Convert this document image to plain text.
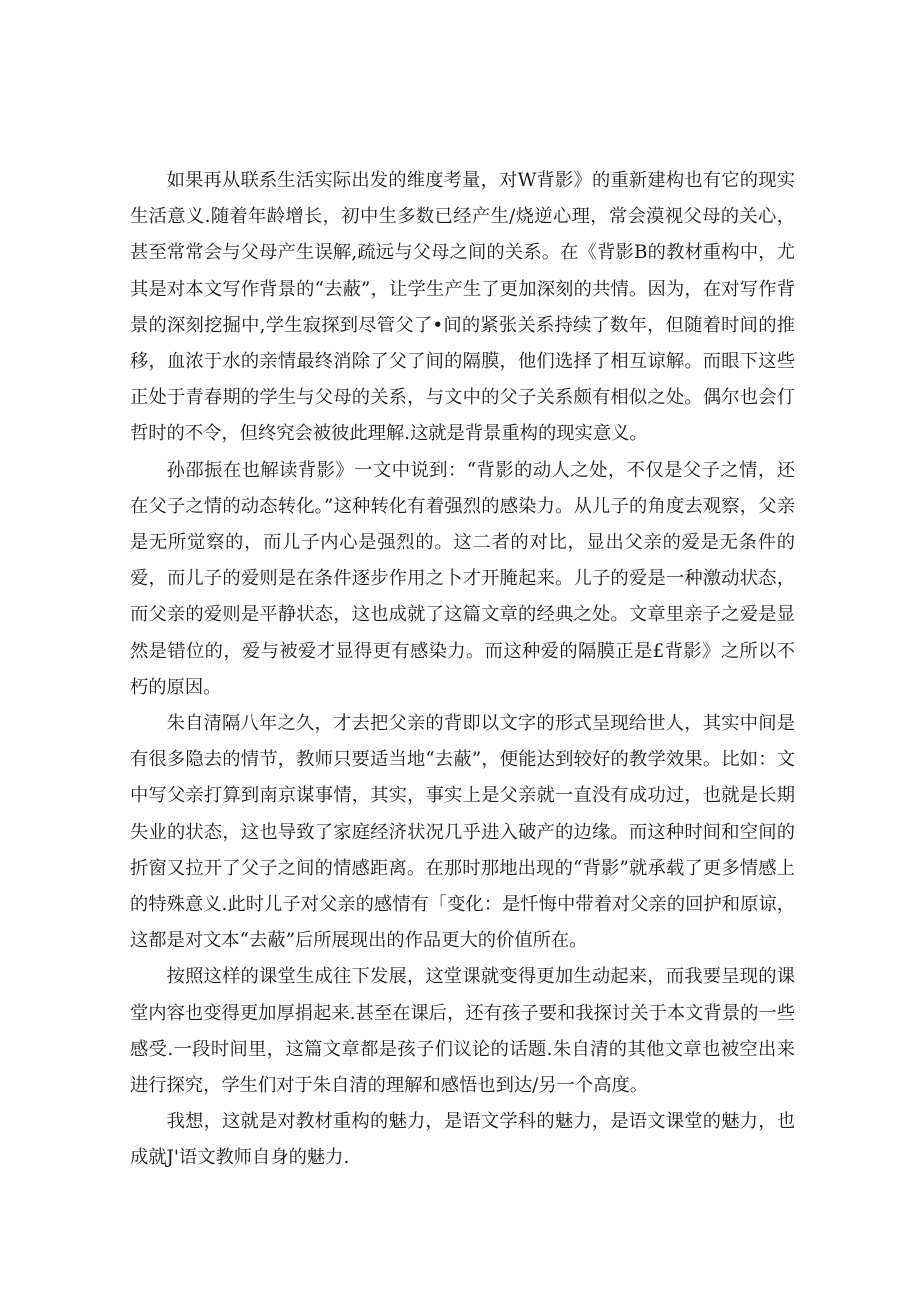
如果再从联系生活实际出发的维度考量，对W背影》的重新建构也有它的现实生活意义.随着年龄增长，初中生多数已经产生/烧逆心理，常会漠视父母的关心，甚至常常会与父母产生误解,疏远与父母之间的关系。在《背影B的教材重构中，尤其是对本文写作背景的“去蔽”，让学生产生了更加深刻的共情。因为，在对写作背景的深刻挖掘中,学生寂探到尽管父了•间的紧张关系持续了数年，但随着时间的推移，血浓于水的亲情最终消除了父了间的隔膜，他们选择了相互谅解。而眼下这些正处于青春期的学生与父母的关系，与文中的父子关系颇有相似之处。偶尔也会仃哲时的不令，但终究会被彼此理解.这就是背景重构的现实意义。

孙邵振在也解读背影》一文中说到：“背影的动人之处，不仅是父子之情，还在父子之情的动态转化。”这种转化有着强烈的感染力。从儿子的角度去观察，父亲是无所觉察的，而儿子内心是强烈的。这二者的对比，显出父亲的爱是无条件的爱，而儿子的爱则是在条件逐步作用之卜才开腌起来。儿子的爱是一种激动状态，而父亲的爱则是平静状态，这也成就了这篇文章的经典之处。文章里亲子之爱是显然是错位的，爱与被爱才显得更有感染力。而这种爱的隔膜正是£背影》之所以不朽的原因。

朱自清隔八年之久，才去把父亲的背即以文字的形式呈现给世人，其实中间是有很多隐去的情节，教师只要适当地“去蔽”，便能达到较好的教学效果。比如：文中写父亲打算到南京谋事情，其实，事实上是父亲就一直没有成功过，也就是长期失业的状态，这也导致了家庭经济状况几乎进入破产的边缘。而这种时间和空间的折窗又拉开了父子之间的情感距离。在那时那地出现的“背影”就承载了更多情感上的特殊意义.此时儿子对父亲的感情有「变化：是忏悔中带着对父亲的回护和原谅，这都是对文本“去蔽”后所展现出的作品更大的价值所在。

按照这样的课堂生成往下发展，这堂课就变得更加生动起来，而我要呈现的课堂内容也变得更加厚捐起来.甚至在课后，还有孩子要和我探讨关于本文背景的一些感受.一段时间里，这篇文章都是孩子们议论的话题.朱自清的其他文章也被空出来进行探究，学生们对于朱自清的理解和感悟也到达/另一个高度。

我想，这就是对教材重构的魅力，是语文学科的魅力，是语文课堂的魅力，也成就J'语文教师自身的魅力.
